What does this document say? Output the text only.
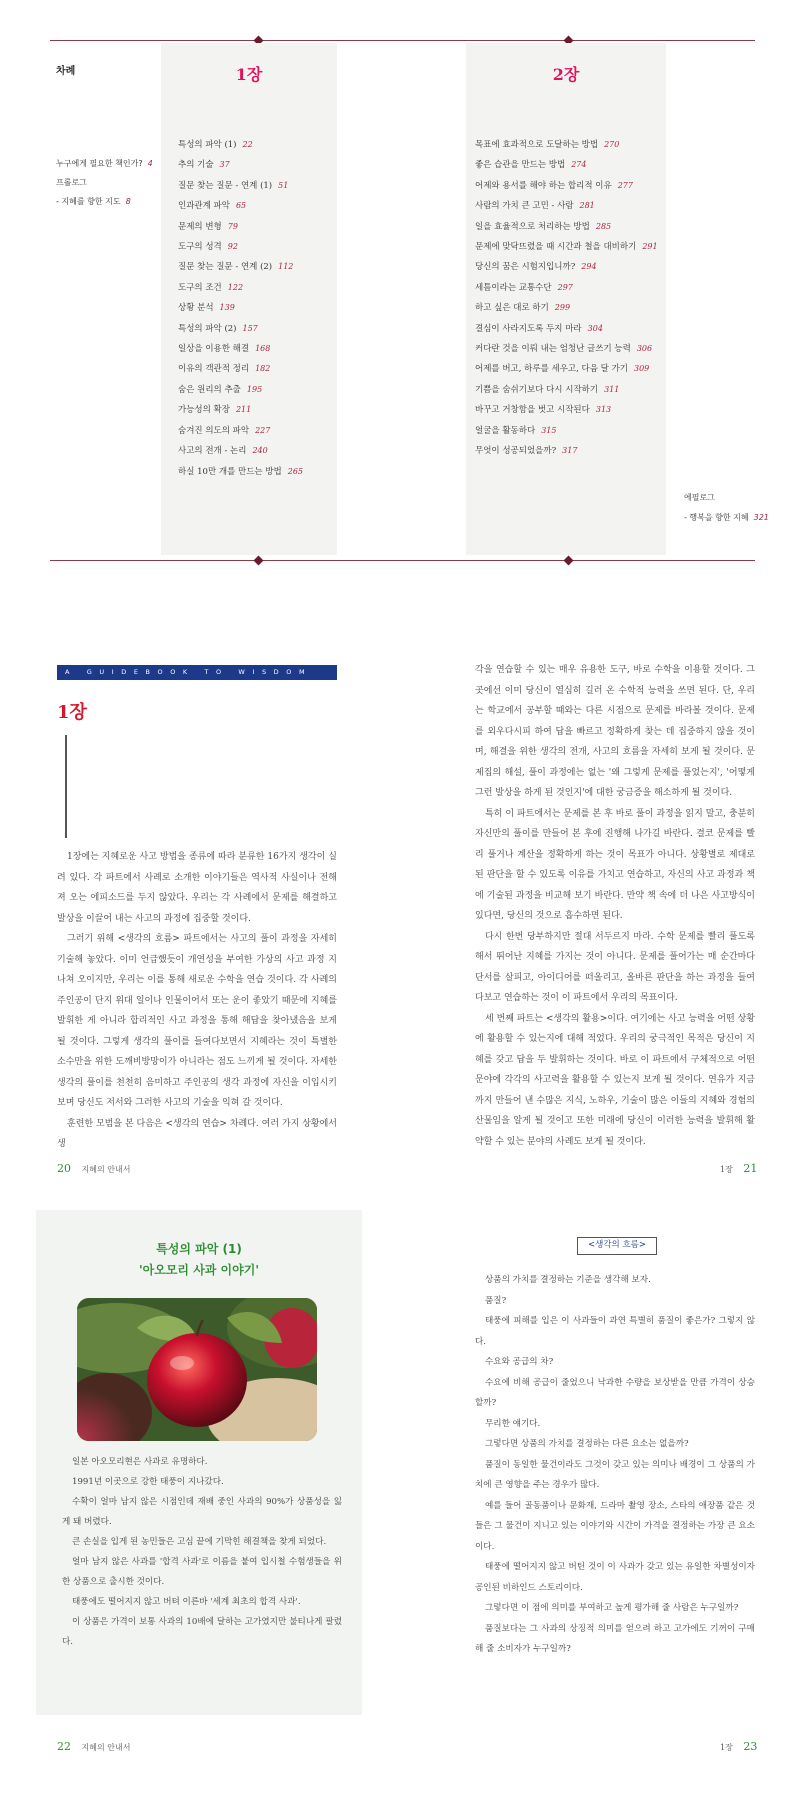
차례	1장	2장
누구에게 필요한 책인가? 4
프롤로그
- 지혜를 향한 지도 8
특성의 파악 (1) 22
추의 기술 37
질문 찾는 질문 - 연계 (1) 51
인과관계 파악 65
문제의 변형 79
도구의 성격 92
질문 찾는 질문 - 연계 (2) 112
도구의 조건 122
상황 분석 139
특성의 파악 (2) 157
일상을 이용한 해결 168
이유의 객관적 정리 182
숨은 원리의 추출 195
가능성의 확장 211
숨겨진 의도의 파악 227
사고의 전개 - 논리 240
하실 10만 개를 만드는 방법 265
목표에 효과적으로 도달하는 방법 270
좋은 습관을 만드는 방법 274
어제와 용서를 해야 하는 합리적 이유 277
사람의 가치 큰 고민 - 사람 281
일을 효율적으로 처리하는 방법 285
문제에 맞닥뜨렸을 때 시간과 철을 대비하기 291
당신의 꿈은 시험지입니까? 294
세틈이라는 교통수단 297
하고 싶은 대로 하기 299
결심이 사라지도록 두지 마라 304
커다란 것을 이뤄 내는 엄청난 글쓰기 능력 306
어제를 버고, 하루를 세우고, 다음 달 가기 309
기쁨을 숨쉬기보다 다시 시작하기 311
바꾸고 거창함을 벗고 시작된다 313
얼굴을 활동하다 315
무엇이 성공되었을까? 317
에필로그
- 행복을 향한 지혜 321
A GUIDEBOOK TO WISDOM
1장

1장에는 지혜로운 사고 방법을 종류에 따라 분류한 16가지 생각이 실려 있다. 각 파트에서 사례로 소개한 이야기들은 역사적 사실이나 전해져 오는 에피소드를 두지 않았다. 우리는 각 사례에서 문제를 해결하고 발상을 이끌어 내는 사고의 과정에 집중할 것이다.

그러기 위해 <생각의 흐름> 파트에서는 사고의 풀이 과정을 자세히 기술해 놓았다. 이미 언급했듯이 개연성을 부여한 가상의 사고 과정 지나쳐 오이지만, 우리는 이를 통해 새로운 수학을 연습 것이다. 각 사례의 주인공이 단지 위대 일이나 인물이어서 또는 운이 좋았기 때문에 지혜를 발휘한 게 아니라 합리적인 사고 과정을 통해 해답을 찾아냈음을 보게 될 것이다. 그렇게 생각의 풀이를 들여다보면서 지혜라는 것이 특별한 소수만을 위한 도깨비방망이가 아니라는 점도 느끼게 될 것이다. 자세한 생각의 풀이를 천천히 음미하고 주인공의 생각 과정에 자신을 이입시키 보며 당신도 저서와 그러한 사고의 기술을 익혀 갈 것이다.

훈련한 모범을 본 다음은 <생각의 연습> 차례다. 여러 가지 상황에서 생

각을 연습할 수 있는 매우 유용한 도구, 바로 수학을 이용할 것이다. 그곳에선 이미 당신이 열심히 길러 온 수학적 능력을 쓰면 된다. 단, 우리는 학교에서 공부할 때와는 다른 시점으로 문제를 바라볼 것이다. 문제를 외우다시피 하여 답을 빠르고 정확하게 찾는 데 집중하지 않을 것이며, 해결을 위한 생각의 전개, 사고의 흐름을 자세히 보게 될 것이다. 문제집의 해설, 풀이 과정에는 없는 '왜 그렇게 문제를 풀었는지', '어떻게 그런 발상을 하게 된 것인지'에 대한 궁금증을 해소하게 될 것이다.

특히 이 파트에서는 문제를 본 후 바로 풀이 과정을 읽지 말고, 충분히 자신만의 풀이를 만들어 본 후에 진행해 나가길 바란다. 결코 문제를 빨리 풀거나 계산을 정확하게 하는 것이 목표가 아니다. 상황별로 제대로 된 판단을 할 수 있도록 이유를 가치고 연습하고, 자신의 사고 과정과 책에 기술된 과정을 비교해 보기 바란다. 만약 책 속에 더 나은 사고방식이 있다면, 당신의 것으로 흡수하면 된다.

다시 한번 당부하지만 절대 서두르지 마라. 수학 문제를 빨리 풀도록 해서 뛰어난 지혜를 가지는 것이 아니다. 문제를 풀어가는 매 순간마다 단서를 살피고, 아이디어를 떠올리고, 올바른 판단을 하는 과정을 들여다보고 연습하는 것이 이 파트에서 우리의 목표이다.

세 번째 파트는 <생각의 활용>이다. 여기에는 사고 능력을 어떤 상황에 활용할 수 있는지에 대해 적었다. 우리의 궁극적인 목적은 당신이 지혜를 갖고 답을 두 발휘하는 것이다. 바로 이 파트에서 구체적으로 어떤 문야에 각각의 사고력을 활용할 수 있는지 보게 될 것이다. 연유가 지금까지 만들어 낸 수많은 지식, 노하우, 기술이 많은 이들의 지혜와 경험의 산물임을 알게 될 것이고 또한 미래에 당신이 이러한 능력을 발휘해 활약할 수 있는 분야의 사례도 보게 될 것이다.

20 지혜의 안내서	1장 21
특성의 파악 (1)
'아오모리 사과 이야기'

일본 아오모리현은 사과로 유명하다.

1991년 이곳으로 강한 태풍이 지나갔다.

수확이 얼마 남지 않은 시점인데 재배 중인 사과의 90%가 상품성을 잃게 돼 버렸다.

큰 손실을 입게 된 농민들은 고심 끝에 기막힌 해결책을 찾게 되었다.

얼마 남지 않은 사과를 '합격 사과'로 이름을 붙여 입시철 수험생들을 위한 상품으로 출시한 것이다.

태풍에도 떨어지지 않고 버텨 이른바 '세계 최초의 합격 사과'.

이 상품은 가격이 보통 사과의 10배에 달하는 고가였지만 불티나게 팔렸다.

<생각의 흐름>

상품의 가치를 결정하는 기준을 생각해 보자.

품질?

태풍에 피해를 입은 이 사과들이 과연 특별히 품질이 좋은가? 그렇지 않다.

수요와 공급의 차?

수요에 비해 공급이 줄었으니 낙과한 수량을 보상받을 만큼 가격이 상승할까?

무리한 얘기다.

그렇다면 상품의 가치를 결정하는 다른 요소는 없을까?

품질이 동일한 물건이라도 그것이 갖고 있는 의미나 배경이 그 상품의 가치에 큰 영향을 주는 경우가 많다.

예를 들어 골동품이나 문화재, 드라마 촬영 장소, 스타의 애장품 같은 것들은 그 물건이 지니고 있는 이야기와 시간이 가격을 결정하는 가장 큰 요소이다.

태풍에 떨어지지 않고 버틴 것이 이 사과가 갖고 있는 유일한 차별성이자 공인된 비하인드 스토리이다.

그렇다면 이 점에 의미를 부여하고 높게 평가해 줄 사람은 누구일까?

품질보다는 그 사과의 상징적 의미를 얻으려 하고 고가에도 기꺼이 구매해 줄 소비자가 누구일까?

22 지혜의 안내서	1장 23
